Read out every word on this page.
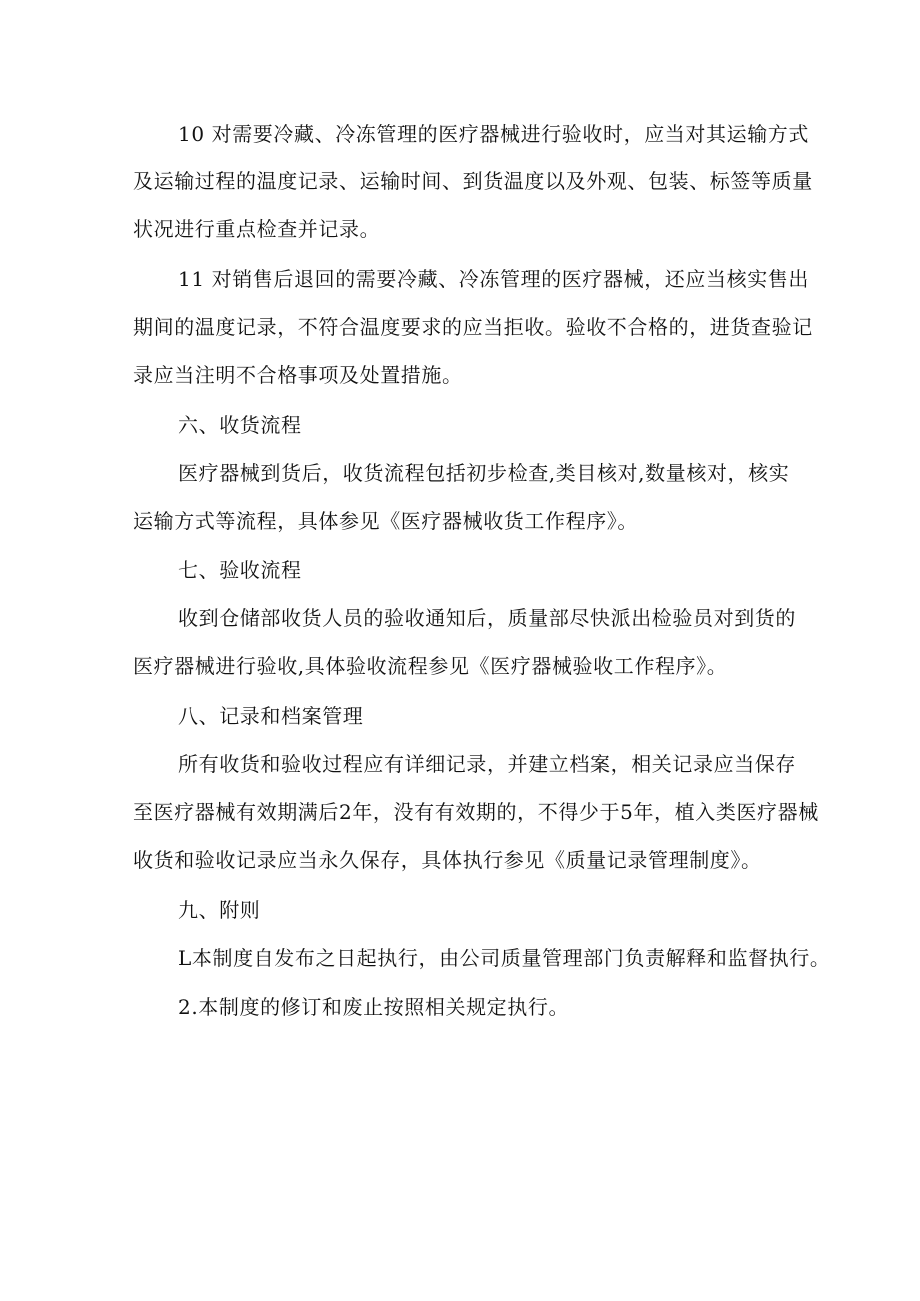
10 对需要冷藏、冷冻管理的医疗器械进行验收时，应当对其运输方式
及运输过程的温度记录、运输时间、到货温度以及外观、包装、标签等质量
状况进行重点检查并记录。
11 对销售后退回的需要冷藏、冷冻管理的医疗器械，还应当核实售出
期间的温度记录，不符合温度要求的应当拒收。验收不合格的，进货查验记
录应当注明不合格事项及处置措施。
六、收货流程
医疗器械到货后，收货流程包括初步检查,类目核对,数量核对，核实
运输方式等流程，具体参见《医疗器械收货工作程序》。
七、验收流程
收到仓储部收货人员的验收通知后，质量部尽快派出检验员对到货的
医疗器械进行验收,具体验收流程参见《医疗器械验收工作程序》。
八、记录和档案管理
所有收货和验收过程应有详细记录，并建立档案，相关记录应当保存
至医疗器械有效期满后2年，没有有效期的，不得少于5年，植入类医疗器械
收货和验收记录应当永久保存，具体执行参见《质量记录管理制度》。
九、附则
L本制度自发布之日起执行，由公司质量管理部门负责解释和监督执行。
2.本制度的修订和废止按照相关规定执行。
